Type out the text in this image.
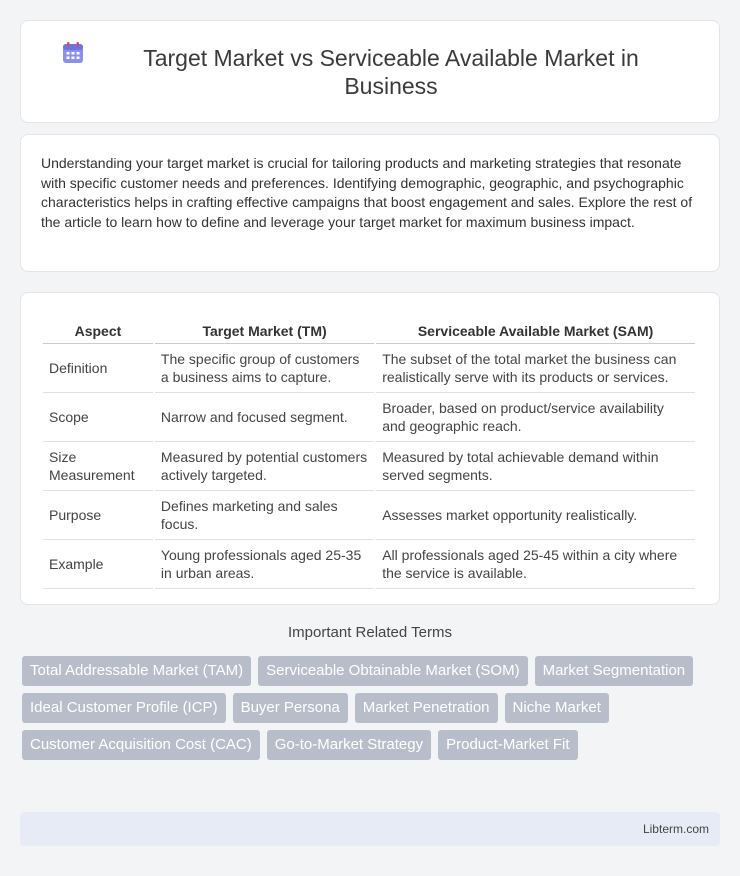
Target Market vs Serviceable Available Market in Business

Understanding your target market is crucial for tailoring products and marketing strategies that resonate with specific customer needs and preferences. Identifying demographic, geographic, and psychographic characteristics helps in crafting effective campaigns that boost engagement and sales. Explore the rest of the article to learn how to define and leverage your target market for maximum business impact.

Aspect	Target Market (TM)	Serviceable Available Market (SAM)
Definition	The specific group of customers a business aims to capture.	The subset of the total market the business can realistically serve with its products or services.
Scope	Narrow and focused segment.	Broader, based on product/service availability and geographic reach.
Size Measurement	Measured by potential customers actively targeted.	Measured by total achievable demand within served segments.
Purpose	Defines marketing and sales focus.	Assesses market opportunity realistically.
Example	Young professionals aged 25-35 in urban areas.	All professionals aged 25-45 within a city where the service is available.
Important Related Terms
Total Addressable Market (TAM)	Serviceable Obtainable Market (SOM)	Market Segmentation
Ideal Customer Profile (ICP)	Buyer Persona	Market Penetration	Niche Market
Customer Acquisition Cost (CAC)	Go-to-Market Strategy	Product-Market Fit
Libterm.com
